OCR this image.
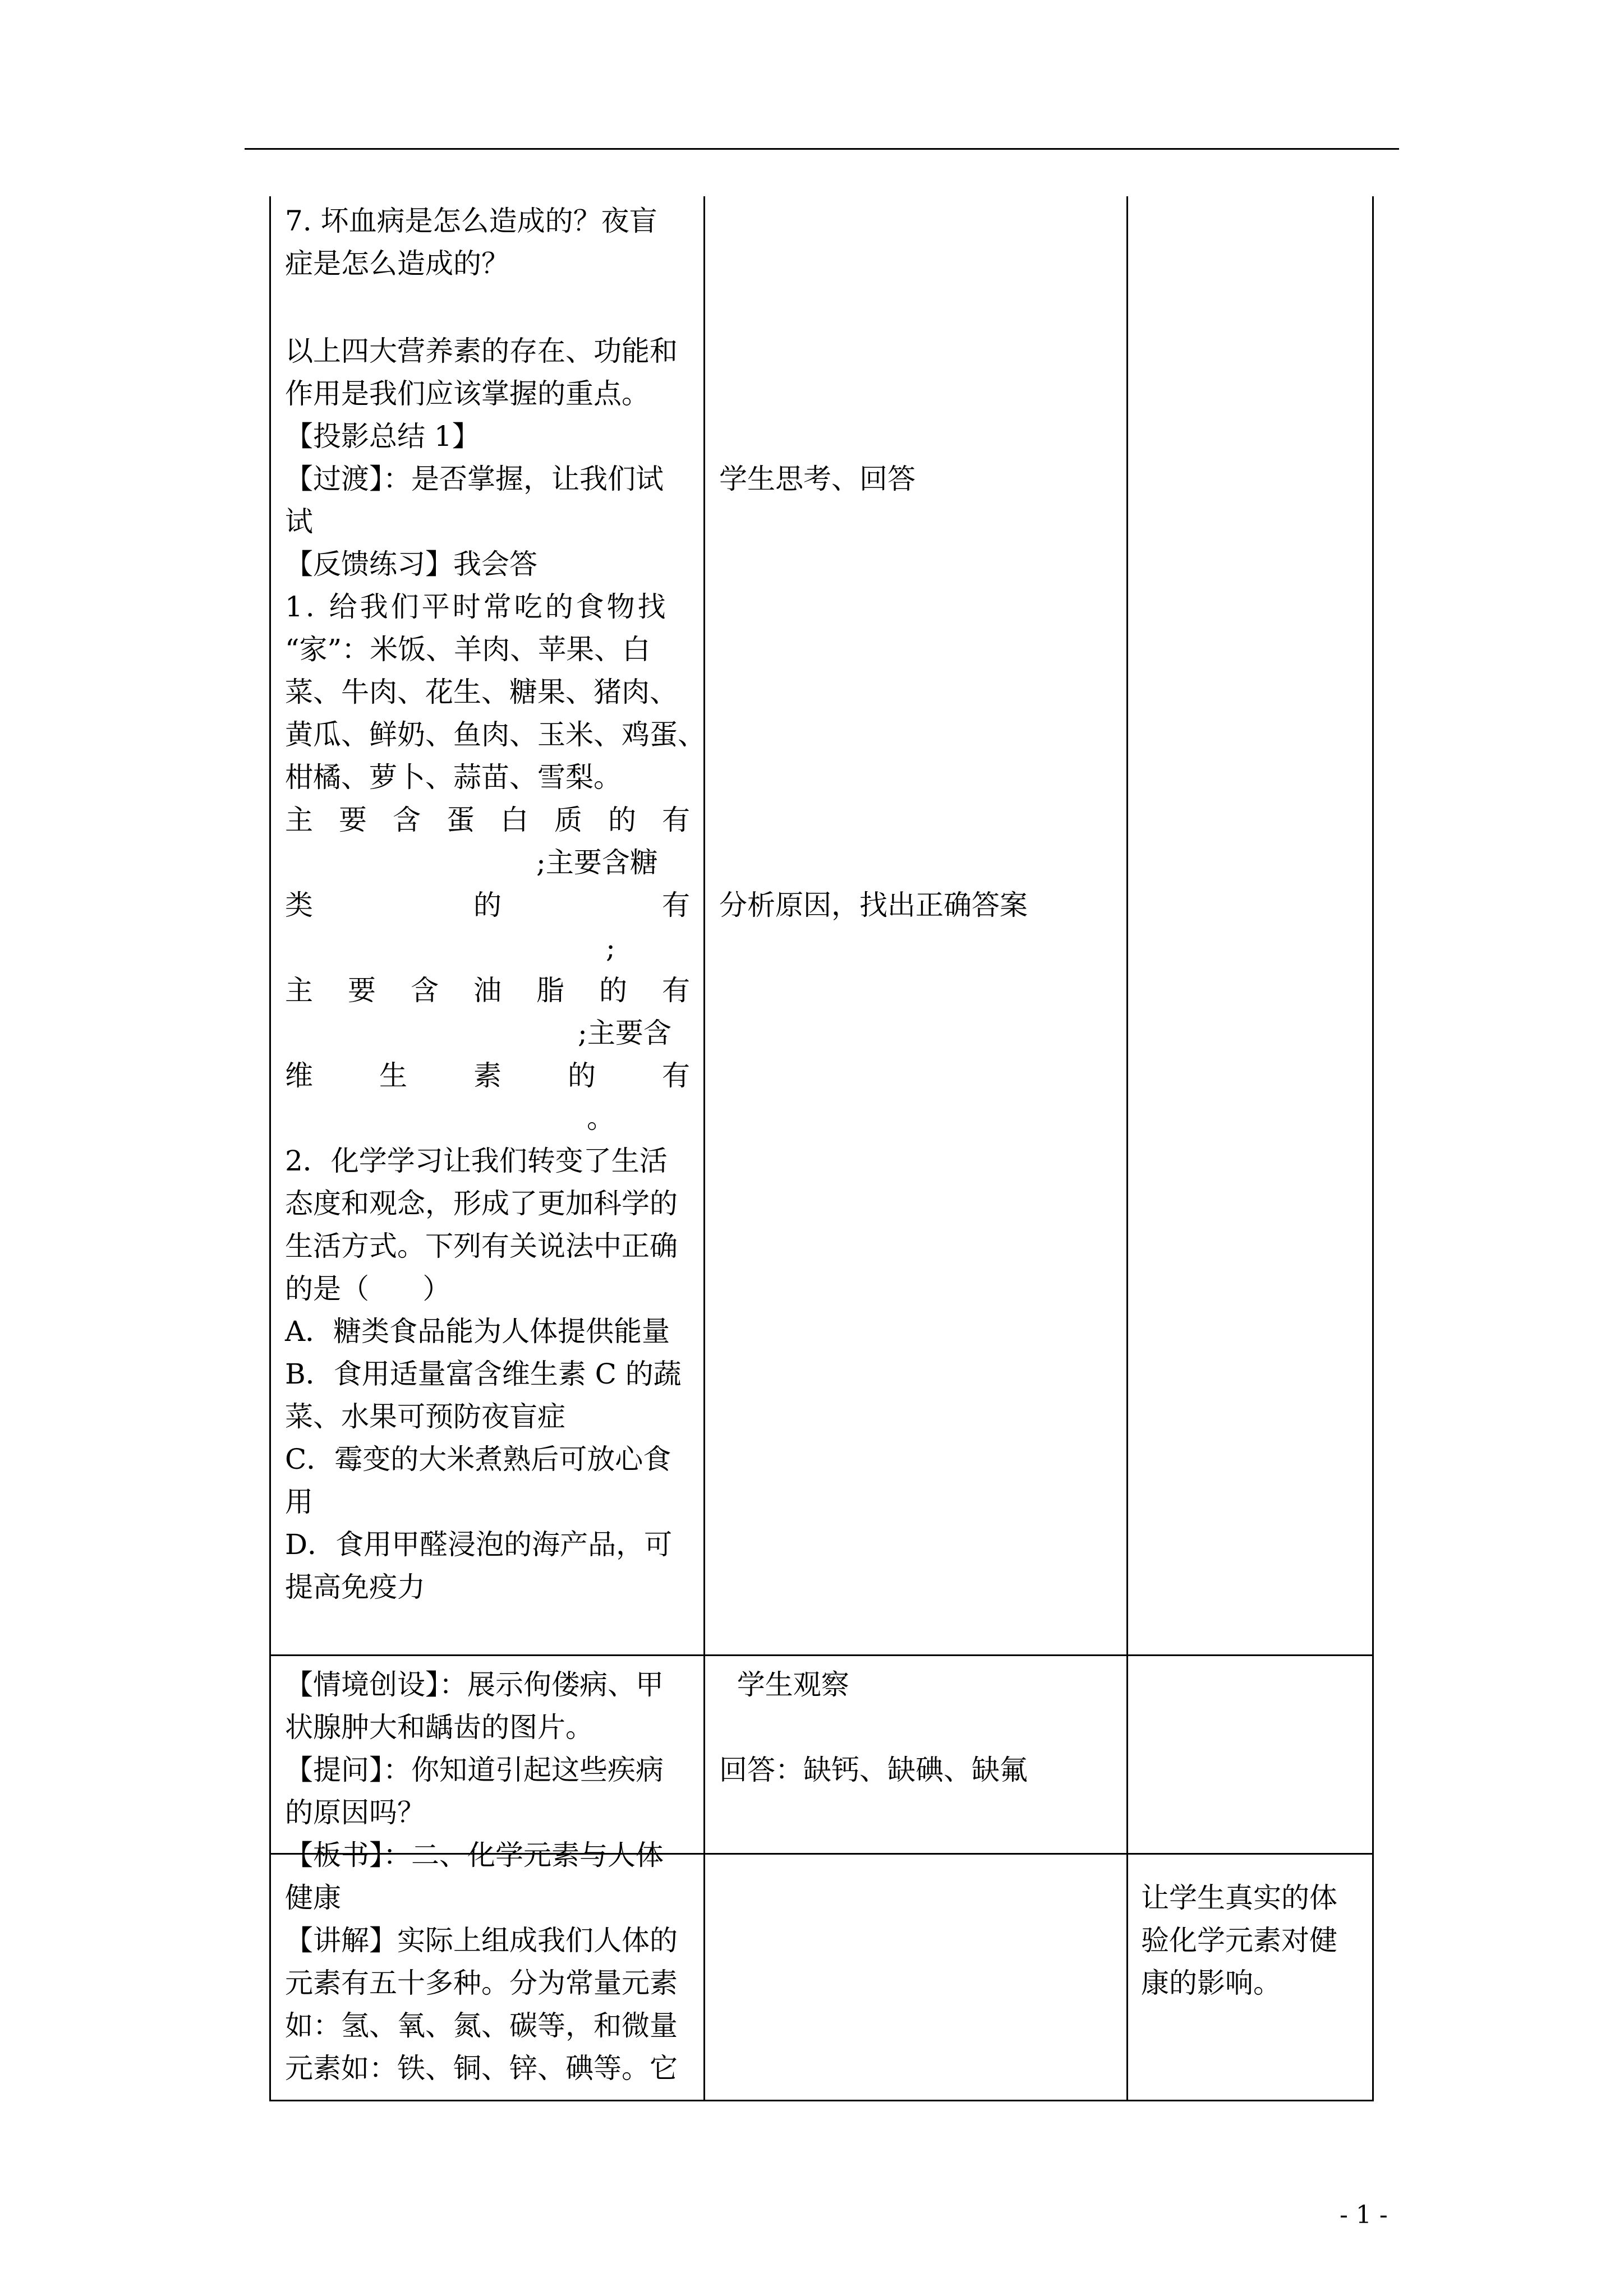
7. 坏血病是怎么造成的？夜盲
症是怎么造成的？
以上四大营养素的存在、功能和
作用是我们应该掌握的重点。
【投影总结 1】
【过渡】：是否掌握，让我们试
试
【反馈练习】我会答
1. 给我们平时常吃的食物找
“家”：米饭、羊肉、苹果、白
菜、牛肉、花生、糖果、猪肉、
黄瓜、鲜奶、鱼肉、玉米、鸡蛋、
柑橘、萝卜、蒜苗、雪梨。
主 要 含 蛋 白 质 的 有
;主要含糖
类	的	有
;
主 要 含 油 脂 的 有
;主要含
维 生 素 的 有
。
2．化学学习让我们转变了生活
态度和观念，形成了更加科学的
生活方式。下列有关说法中正确
的是（      ）
A．糖类食品能为人体提供能量
B．食用适量富含维生素 C 的蔬
菜、水果可预防夜盲症
C．霉变的大米煮熟后可放心食
用
D．食用甲醛浸泡的海产品，可
提高免疫力
学生思考、回答
分析原因，找出正确答案
【情境创设】：展示佝偻病、甲
状腺肿大和龋齿的图片。
【提问】：你知道引起这些疾病
的原因吗？
【板书】：二、化学元素与人体
健康
【讲解】实际上组成我们人体的
元素有五十多种。分为常量元素
如：氢、氧、氮、碳等，和微量
元素如：铁、铜、锌、碘等。它
学生观察
回答：缺钙、缺碘、缺氟
让学生真实的体
验化学元素对健
康的影响。
- 1 -
